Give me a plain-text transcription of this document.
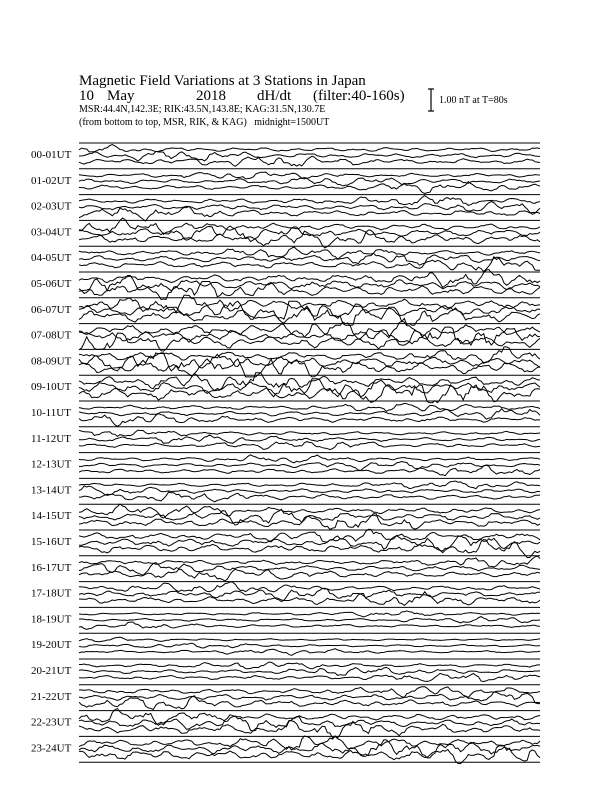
Magnetic Field Variations at 3 Stations in Japan
10 May	2018 dH/dt (filter:40-160s)
MSR:44.4N,142.3E; RIK:43.5N,143.8E; KAG:31.5N,130.7E
(from bottom to top, MSR, RIK, & KAG) midnight=1500UT
1.00 nT at T=80s
00-01UT
01-02UT
02-03UT
03-04UT
04-05UT
05-06UT
06-07UT
07-08UT
08-09UT
09-10UT
10-11UT
11-12UT
12-13UT
13-14UT
14-15UT
15-16UT
16-17UT
17-18UT
18-19UT
19-20UT
20-21UT
21-22UT
22-23UT
23-24UT
